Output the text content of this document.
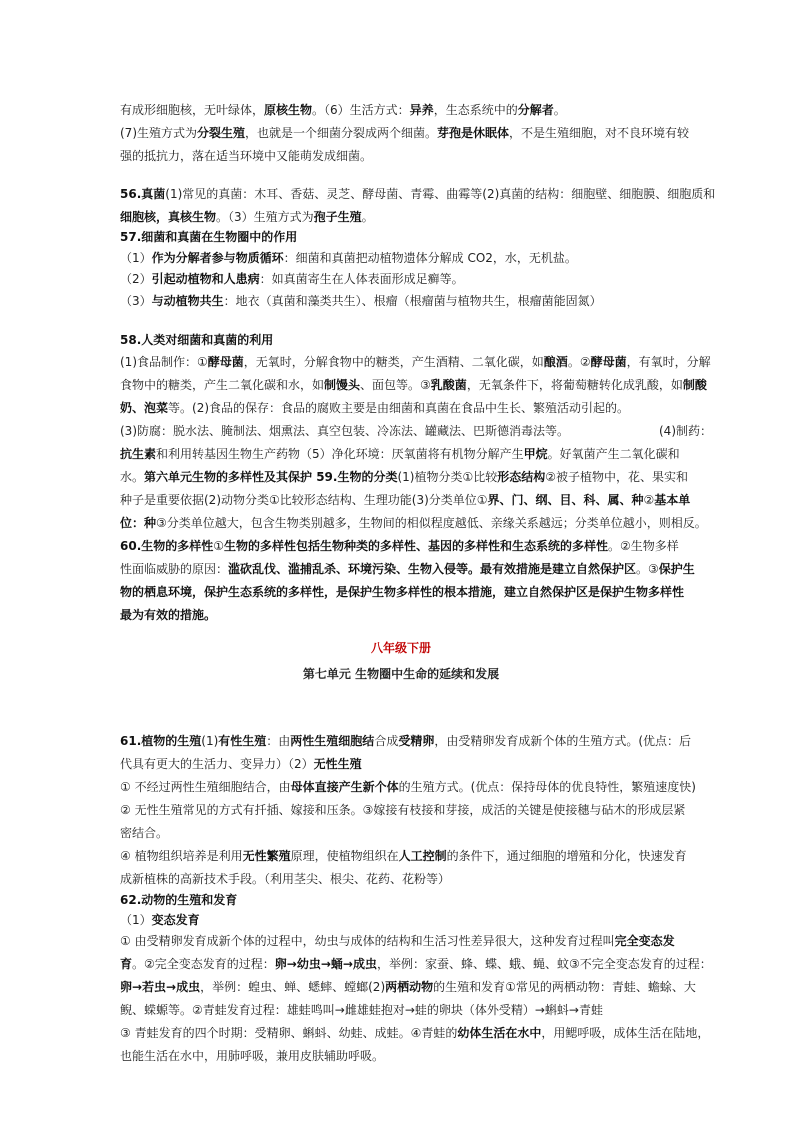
有成形细胞核，无叶绿体，原核生物。（6）生活方式：异养，生态系统中的分解者。
(7)生殖方式为分裂生殖，也就是一个细菌分裂成两个细菌。芽孢是休眠体，不是生殖细胞，对不良环境有较
强的抵抗力，落在适当环境中又能萌发成细菌。
56.真菌(1)常见的真菌：木耳、香菇、灵芝、酵母菌、青霉、曲霉等(2)真菌的结构：细胞壁、细胞膜、细胞质和
细胞核，真核生物。（3）生殖方式为孢子生殖。
57.细菌和真菌在生物圈中的作用
（1）作为分解者参与物质循环：细菌和真菌把动植物遗体分解成 CO2，水，无机盐。
（2）引起动植物和人患病：如真菌寄生在人体表面形成足癣等。
（3）与动植物共生：地衣（真菌和藻类共生）、根瘤（根瘤菌与植物共生，根瘤菌能固氮）
58.人类对细菌和真菌的利用
(1)食品制作：①酵母菌，无氧时，分解食物中的糖类，产生酒精、二氧化碳，如酿酒。②酵母菌，有氧时，分解
食物中的糖类，产生二氧化碳和水，如制馒头、面包等。③乳酸菌，无氧条件下，将葡萄糖转化成乳酸，如制酸
奶、泡菜等。(2)食品的保存：食品的腐败主要是由细菌和真菌在食品中生长、繁殖活动引起的。
(3)防腐：脱水法、腌制法、烟熏法、真空包装、冷冻法、罐藏法、巴斯德消毒法等。　　　　　　　　(4)制药：
抗生素和利用转基因生物生产药物（5）净化环境：厌氧菌将有机物分解产生甲烷。好氧菌产生二氧化碳和
水。第六单元生物的多样性及其保护 59.生物的分类(1)植物分类①比较形态结构②被子植物中，花、果实和
种子是重要依据(2)动物分类①比较形态结构、生理功能(3)分类单位①界、门、纲、目、科、属、种②基本单
位：种③分类单位越大，包含生物类别越多，生物间的相似程度越低、亲缘关系越远；分类单位越小，则相反。
60.生物的多样性①生物的多样性包括生物种类的多样性、基因的多样性和生态系统的多样性。②生物多样
性面临威胁的原因：滥砍乱伐、滥捕乱杀、环境污染、生物入侵等。最有效措施是建立自然保护区。③保护生
物的栖息环境，保护生态系统的多样性，是保护生物多样性的根本措施，建立自然保护区是保护生物多样性
最为有效的措施。
八年级下册
第七单元 生物圈中生命的延续和发展
61.植物的生殖(1)有性生殖：由两性生殖细胞结合成受精卵，由受精卵发育成新个体的生殖方式。(优点：后
代具有更大的生活力、变异力）（2）无性生殖
① 不经过两性生殖细胞结合，由母体直接产生新个体的生殖方式。(优点：保持母体的优良特性，繁殖速度快)
② 无性生殖常见的方式有扦插、嫁接和压条。③嫁接有枝接和芽接，成活的关键是使接穗与砧木的形成层紧
密结合。
④ 植物组织培养是利用无性繁殖原理，使植物组织在人工控制的条件下，通过细胞的增殖和分化，快速发育
成新植株的高新技术手段。（利用茎尖、根尖、花药、花粉等）
62.动物的生殖和发育
（1）变态发育
① 由受精卵发育成新个体的过程中，幼虫与成体的结构和生活习性差异很大，这种发育过程叫完全变态发
育。②完全变态发育的过程：卵→幼虫→蛹→成虫，举例：家蚕、蜂、蝶、蛾、蝇、蚊③不完全变态发育的过程：
卵→若虫→成虫，举例：蝗虫、蝉、蟋蟀、螳螂(2)两栖动物的生殖和发育①常见的两栖动物：青蛙、蟾蜍、大
鲵、蝾螈等。②青蛙发育过程：雄蛙鸣叫→雌雄蛙抱对→蛙的卵块（体外受精）→蝌蚪→青蛙
③ 青蛙发育的四个时期：受精卵、蝌蚪、幼蛙、成蛙。④青蛙的幼体生活在水中，用鳃呼吸，成体生活在陆地，
也能生活在水中，用肺呼吸，兼用皮肤辅助呼吸。
